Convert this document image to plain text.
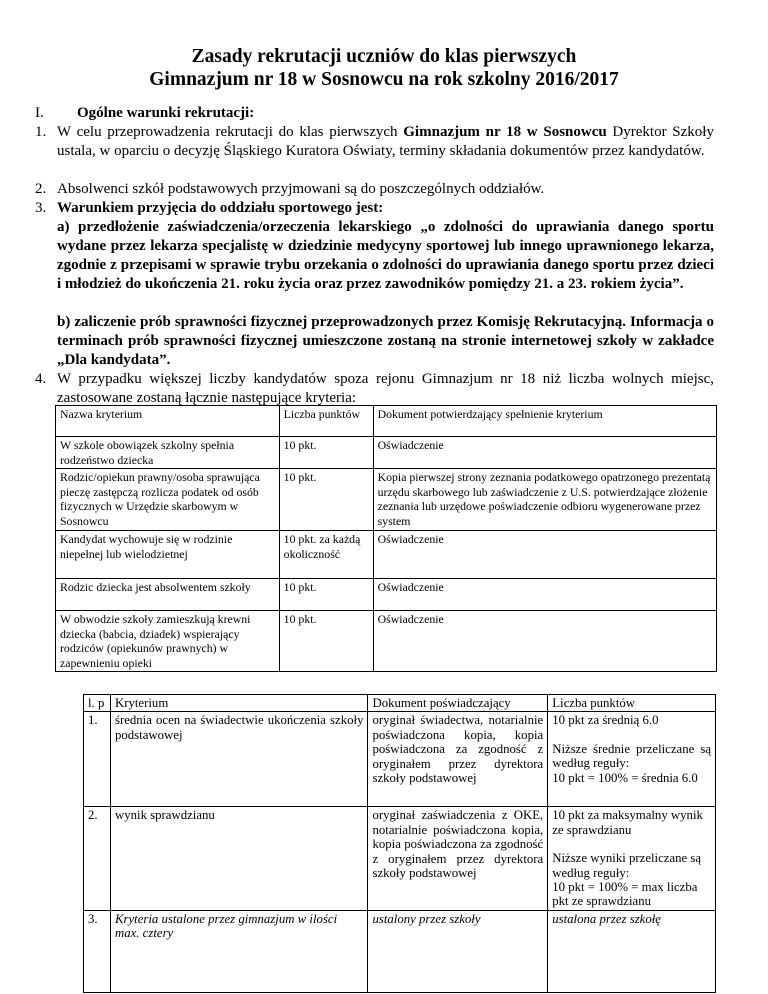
Zasady rekrutacji uczniów do klas pierwszych
Gimnazjum nr 18 w Sosnowcu na rok szkolny 2016/2017
I. Ogólne warunki rekrutacji:
1. W celu przeprowadzenia rekrutacji do klas pierwszych Gimnazjum nr 18 w Sosnowcu Dyrektor Szkoły ustala, w oparciu o decyzję Śląskiego Kuratora Oświaty, terminy składania dokumentów przez kandydatów.
2. Absolwenci szkół podstawowych przyjmowani są do poszczególnych oddziałów.
3. Warunkiem przyjęcia do oddziału sportowego jest:
a) przedłożenie zaświadczenia/orzeczenia lekarskiego „o zdolności do uprawiania danego sportu wydane przez lekarza specjalistę w dziedzinie medycyny sportowej lub innego uprawnionego lekarza, zgodnie z przepisami w sprawie trybu orzekania o zdolności do uprawiania danego sportu przez dzieci i młodzież do ukończenia 21. roku życia oraz przez zawodników pomiędzy 21. a 23. rokiem życia”.
b) zaliczenie prób sprawności fizycznej przeprowadzonych przez Komisję Rekrutacyjną. Informacja o terminach prób sprawności fizycznej umieszczone zostaną na stronie internetowej szkoły w zakładce „Dla kandydata”.
4. W przypadku większej liczby kandydatów spoza rejonu Gimnazjum nr 18 niż liczba wolnych miejsc, zastosowane zostaną łącznie następujące kryteria:
Nazwa kryterium	Liczba punktów	Dokument potwierdzający spełnienie kryterium
W szkole obowiązek szkolny spełnia rodzeństwo dziecka	10 pkt.	Oświadczenie
Rodzic/opiekun prawny/osoba sprawująca pieczę zastępczą rozlicza podatek od osób fizycznych w Urzędzie skarbowym w Sosnowcu	10 pkt.	Kopia pierwszej strony zeznania podatkowego opatrzonego prezentatą urzędu skarbowego lub zaświadczenie z U.S. potwierdzające złożenie zeznania lub urzędowe poświadczenie odbioru wygenerowane przez system
Kandydat wychowuje się w rodzinie niepełnej lub wielodzietnej	10 pkt. za każdą okoliczność	Oświadczenie
Rodzic dziecka jest absolwentem szkoły	10 pkt.	Oświadczenie
W obwodzie szkoły zamieszkują krewni dziecka (babcia, dziadek) wspierający rodziców (opiekunów prawnych) w zapewnieniu opieki	10 pkt.	Oświadczenie
l. p	Kryterium	Dokument poświadczający	Liczba punktów
1.	średnia ocen na świadectwie ukończenia szkoły podstawowej	oryginał świadectwa, notarialnie poświadczona kopia, kopia poświadczona za zgodność z oryginałem przez dyrektora szkoły podstawowej	10 pkt za średnią 6.0
Niższe średnie przeliczane są według reguły:
10 pkt = 100% = średnia 6.0

2.	wynik sprawdzianu	oryginał zaświadczenia z OKE, notarialnie poświadczona kopia, kopia poświadczona za zgodność z oryginałem przez dyrektora szkoły podstawowej	10 pkt za maksymalny wynik ze sprawdzianu
Niższe wyniki przeliczane są według reguły:
10 pkt = 100% = max liczba pkt ze sprawdzianu

3.	Kryteria ustalone przez gimnazjum w ilości max. cztery	ustalony przez szkoły	ustalona przez szkołę
